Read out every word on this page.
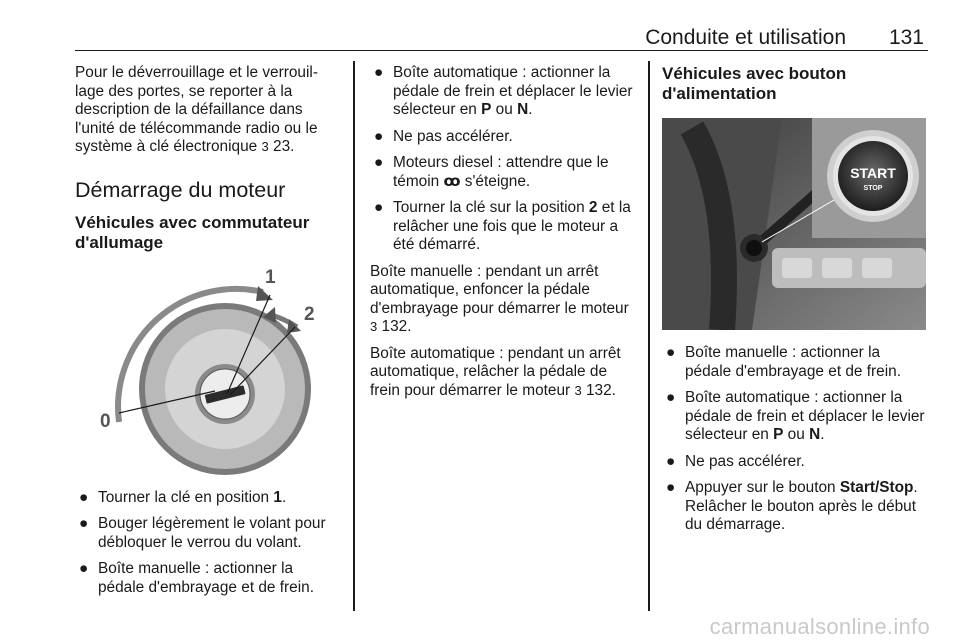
Conduite et utilisation 131

Pour le déverrouillage et le verrouil-lage des portes, se reporter à la description de la défaillance dans l'unité de télécommande radio ou le système à clé électronique 3 23.

Démarrage du moteur
Véhicules avec commutateur d'allumage
0
1
2
● Tourner la clé en position 1.
● Bouger légèrement le volant pour débloquer le verrou du volant.
● Boîte manuelle : actionner la pédale d'embrayage et de frein.
● Boîte automatique : actionner la pédale de frein et déplacer le levier sélecteur en P ou N.
● Ne pas accélérer.
● Moteurs diesel : attendre que le témoin ꝏ s'éteigne.
● Tourner la clé sur la position 2 et la relâcher une fois que le moteur a été démarré.

Boîte manuelle : pendant un arrêt automatique, enfoncer la pédale d'embrayage pour démarrer le moteur 3 132.

Boîte automatique : pendant un arrêt automatique, relâcher la pédale de frein pour démarrer le moteur 3 132.

Véhicules avec bouton d'alimentation
START
STOP
● Boîte manuelle : actionner la pédale d'embrayage et de frein.
● Boîte automatique : actionner la pédale de frein et déplacer le levier sélecteur en P ou N.
● Ne pas accélérer.
● Appuyer sur le bouton Start/Stop. Relâcher le bouton après le début du démarrage.
carmanualsonline.info
